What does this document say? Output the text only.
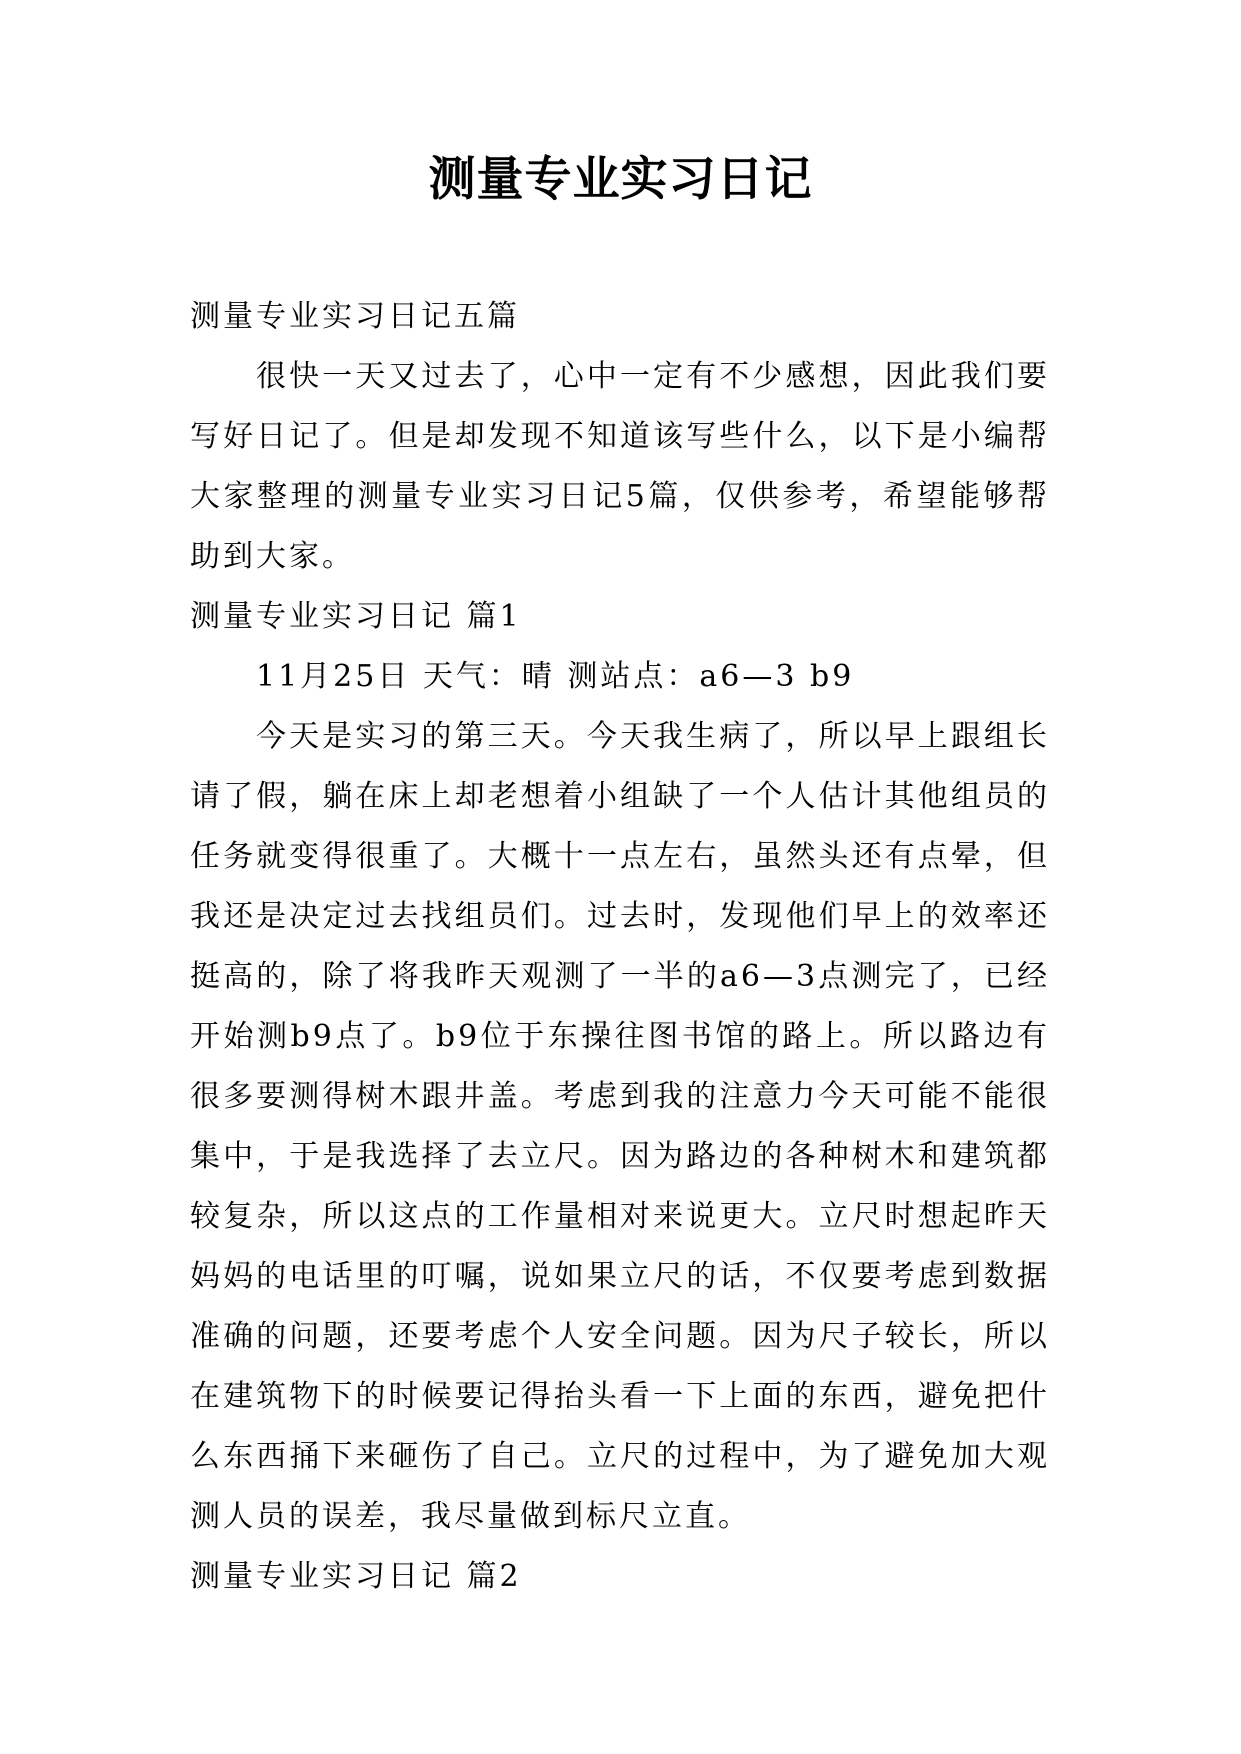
测量专业实习日记

测量专业实习日记五篇

很快一天又过去了，心中一定有不少感想，因此我们要写好日记了。但是却发现不知道该写些什么，以下是小编帮大家整理的测量专业实习日记5篇，仅供参考，希望能够帮助到大家。

测量专业实习日记 篇1

11月25日 天气：晴 测站点：a6—3 b9

今天是实习的第三天。今天我生病了，所以早上跟组长请了假，躺在床上却老想着小组缺了一个人估计其他组员的任务就变得很重了。大概十一点左右，虽然头还有点晕，但我还是决定过去找组员们。过去时，发现他们早上的效率还挺高的，除了将我昨天观测了一半的a6—3点测完了，已经开始测b9点了。b9位于东操往图书馆的路上。所以路边有很多要测得树木跟井盖。考虑到我的注意力今天可能不能很集中，于是我选择了去立尺。因为路边的各种树木和建筑都较复杂，所以这点的工作量相对来说更大。立尺时想起昨天妈妈的电话里的叮嘱，说如果立尺的话，不仅要考虑到数据准确的问题，还要考虑个人安全问题。因为尺子较长，所以在建筑物下的时候要记得抬头看一下上面的东西，避免把什么东西捅下来砸伤了自己。立尺的过程中，为了避免加大观测人员的误差，我尽量做到标尺立直。

测量专业实习日记 篇2
